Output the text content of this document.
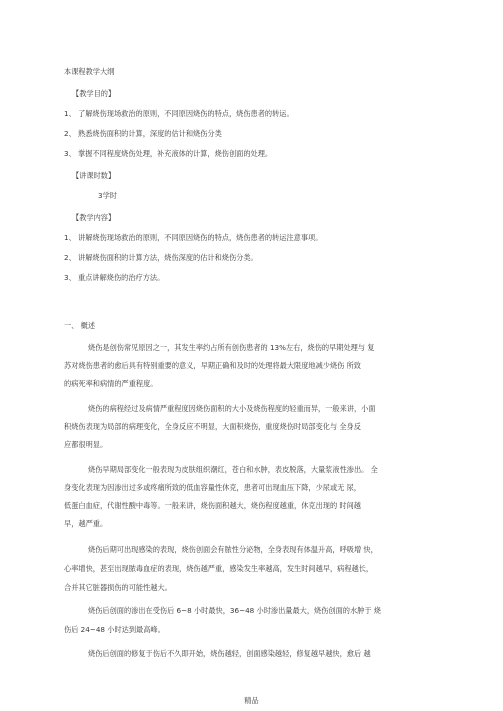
本课程教学大纲
【教学目的】
1、 了解烧伤现场救治的原则，不同原因烧伤的特点，烧伤患者的转运。
2、 熟悉烧伤面积的计算，深度的估计和烧伤分类
3、 掌握不同程度烧伤处理，补充液体的计算，烧伤创面的处理。
【讲课时数】
3学时
【教学内容】
1、 讲解烧伤现场救治的原则，不同原因烧伤的特点，烧伤患者的转运注意事项。
2、 讲解烧伤面积的计算方法，烧伤深度的估计和烧伤分类。
3、 重点讲解烧伤的治疗方法。
一、 概述
烧伤是创伤常见原因之一，其发生率约占所有创伤患者的 13%左右，烧伤的早期处理与 复
苏对烧伤患者的愈后具有特别重要的意义，早期正确和及时的处理将最大限度地减少烧伤 所致
的病死率和病情的严重程度。
烧伤的病程经过及病情严重程度因烧伤面积的大小及烧伤程度的轻重而异，一般来讲，小面
积烧伤表现为局部的病理变化，全身反应不明显，大面积烧伤，重度烧伤时局部变化与 全身反
应都很明显。
烧伤早期局部变化一般表现为皮肤组织潮红，苍白和水肿，表皮脱落，大量浆液性渗出。 全
身变化表现为因渗出过多或疼痛所致的低血容量性休克，患者可出现血压下降，少尿或无 尿，
低蛋白血症，代谢性酸中毒等。一般来讲，烧伤面积越大，烧伤程度越重，休克出现的 时间越
早，越严重。
烧伤后期可出现感染的表现，烧伤创面会有脓性分泌物，全身表现有体温升高，呼吸增 快，
心率增快，甚至出现脓毒血症的表现，烧伤越严重，感染发生率越高，发生时间越早，病程越长，
合并其它脏器损伤的可能性越大。
烧伤后创面的渗出在受伤后 6~8 小时最快，36~48 小时渗出量最大，烧伤创面的水肿于 烧
伤后 24~48 小时达到最高峰。
烧伤后创面的修复于伤后不久即开始，烧伤越轻，创面感染越轻，修复越早越快，愈后 越
精品
